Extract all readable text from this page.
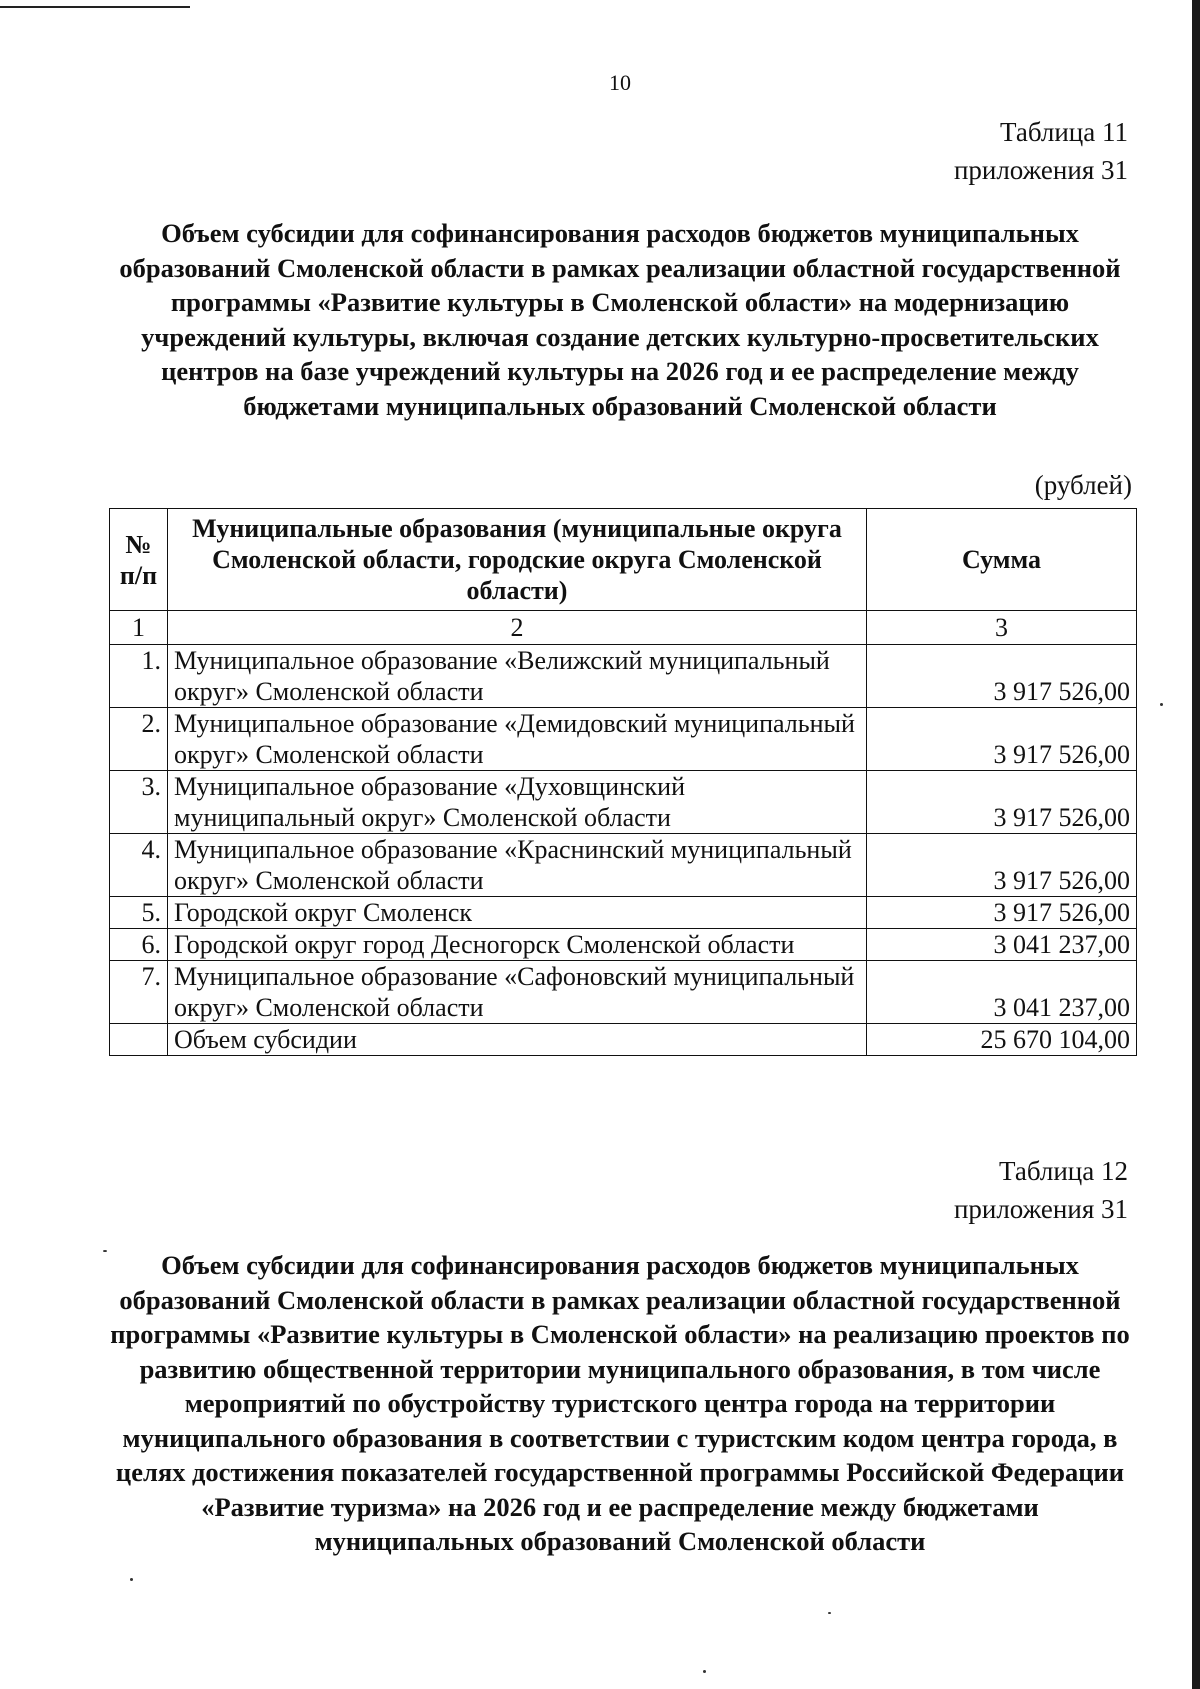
10
Таблица 11
приложения 31
Объем субсидии для софинансирования расходов бюджетов муниципальных образований Смоленской области в рамках реализации областной государственной программы «Развитие культуры в Смоленской области» на модернизацию учреждений культуры, включая создание детских культурно-просветительских центров на базе учреждений культуры на 2026 год и ее распределение между бюджетами муниципальных образований Смоленской области
(рублей)
№ п/п	Муниципальные образования (муниципальные округа Смоленской области, городские округа Смоленской области)	Сумма
1	2	3
1.	Муниципальное образование «Велижский муниципальный округ» Смоленской области	3 917 526,00
2.	Муниципальное образование «Демидовский муниципальный округ» Смоленской области	3 917 526,00
3.	Муниципальное образование «Духовщинский муниципальный округ» Смоленской области	3 917 526,00
4.	Муниципальное образование «Краснинский муниципальный округ» Смоленской области	3 917 526,00
5.	Городской округ Смоленск	3 917 526,00
6.	Городской округ город Десногорск Смоленской области	3 041 237,00
7.	Муниципальное образование «Сафоновский муниципальный округ» Смоленской области	3 041 237,00
	Объем субсидии	25 670 104,00
Таблица 12
приложения 31
Объем субсидии для софинансирования расходов бюджетов муниципальных образований Смоленской области в рамках реализации областной государственной программы «Развитие культуры в Смоленской области» на реализацию проектов по развитию общественной территории муниципального образования, в том числе мероприятий по обустройству туристского центра города на территории муниципального образования в соответствии с туристским кодом центра города, в целях достижения показателей государственной программы Российской Федерации «Развитие туризма» на 2026 год и ее распределение между бюджетами муниципальных образований Смоленской области
